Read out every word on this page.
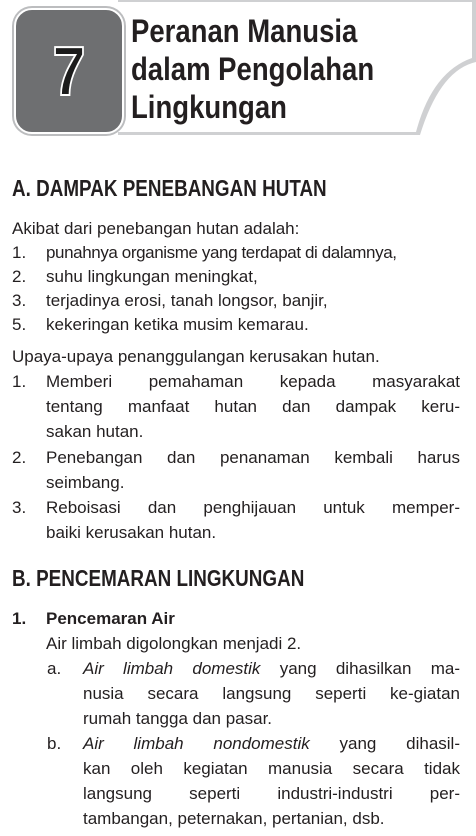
7
Peranan Manusia
dalam Pengolahan
Lingkungan
A. DAMPAK PENEBANGAN HUTAN
Akibat dari penebangan hutan adalah:
1. punahnya organisme yang terdapat di dalamnya,
2. suhu lingkungan meningkat,
3. terjadinya erosi, tanah longsor, banjir,
5. kekeringan ketika musim kemarau.
Upaya-upaya penanggulangan kerusakan hutan.
1. Memberi pemahaman kepada masyarakat
tentang manfaat hutan dan dampak keru-
sakan hutan.
2. Penebangan dan penanaman kembali harus
seimbang.
3. Reboisasi dan penghijauan untuk memper-
baiki kerusakan hutan.
B. PENCEMARAN LINGKUNGAN
1. Pencemaran Air
Air limbah digolongkan menjadi 2.
a. Air limbah domestik yang dihasilkan ma-
nusia secara langsung seperti ke-giatan
rumah tangga dan pasar.
b. Air limbah nondomestik yang dihasil-
kan oleh kegiatan manusia secara tidak
langsung seperti industri-industri per-
tambangan, peternakan, pertanian, dsb.
